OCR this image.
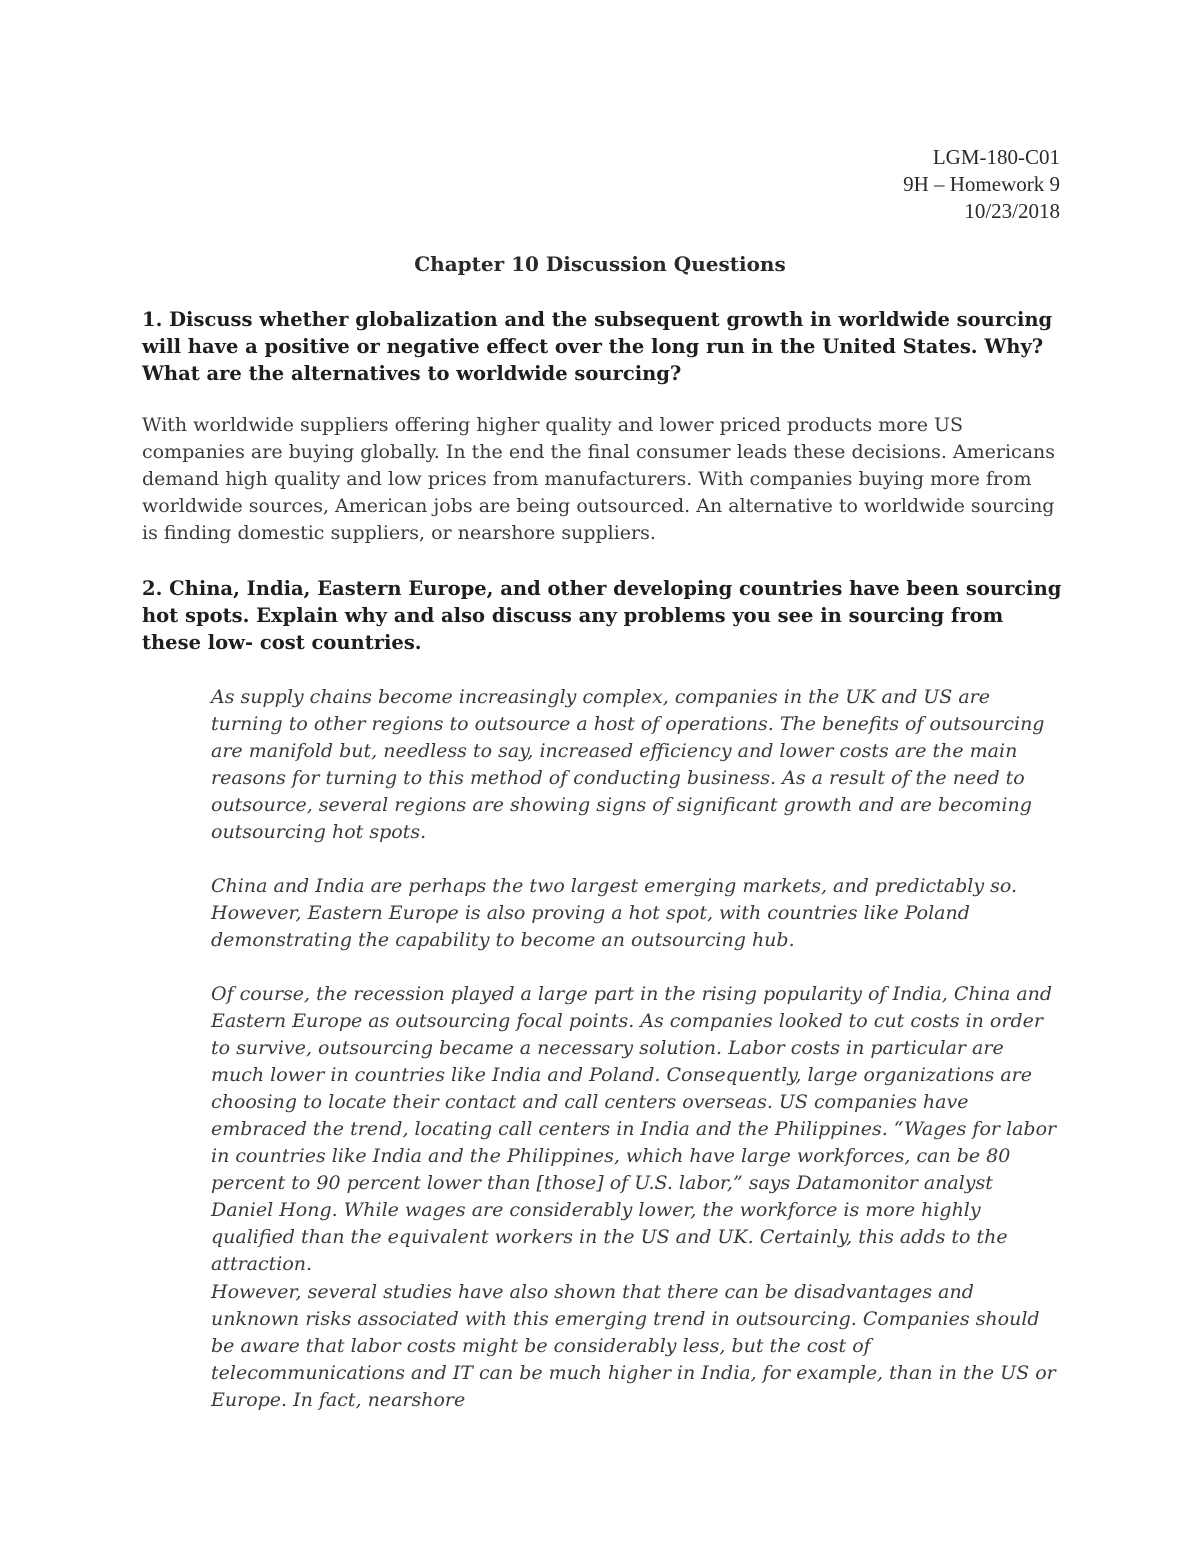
LGM-180-C01
9H – Homework 9
10/23/2018
Chapter 10 Discussion Questions

1. Discuss whether globalization and the subsequent growth in worldwide sourcing will have a positive or negative effect over the long run in the United States. Why? What are the alternatives to worldwide sourcing?

With worldwide suppliers offering higher quality and lower priced products more US companies are buying globally. In the end the final consumer leads these decisions. Americans demand high quality and low prices from manufacturers. With companies buying more from worldwide sources, American jobs are being outsourced. An alternative to worldwide sourcing is finding domestic suppliers, or nearshore suppliers.

2. China, India, Eastern Europe, and other developing countries have been sourcing hot spots. Explain why and also discuss any problems you see in sourcing from these low- cost countries.

As supply chains become increasingly complex, companies in the UK and US are turning to other regions to outsource a host of operations. The benefits of outsourcing are manifold but, needless to say, increased efficiency and lower costs are the main reasons for turning to this method of conducting business. As a result of the need to outsource, several regions are showing signs of significant growth and are becoming outsourcing hot spots.

China and India are perhaps the two largest emerging markets, and predictably so. However, Eastern Europe is also proving a hot spot, with countries like Poland demonstrating the capability to become an outsourcing hub.

Of course, the recession played a large part in the rising popularity of India, China and Eastern Europe as outsourcing focal points. As companies looked to cut costs in order to survive, outsourcing became a necessary solution. Labor costs in particular are much lower in countries like India and Poland. Consequently, large organizations are choosing to locate their contact and call centers overseas. US companies have embraced the trend, locating call centers in India and the Philippines. “Wages for labor in countries like India and the Philippines, which have large workforces, can be 80 percent to 90 percent lower than [those] of U.S. labor,” says Datamonitor analyst Daniel Hong. While wages are considerably lower, the workforce is more highly qualified than the equivalent workers in the US and UK. Certainly, this adds to the attraction.

However, several studies have also shown that there can be disadvantages and unknown risks associated with this emerging trend in outsourcing. Companies should be aware that labor costs might be considerably less, but the cost of telecommunications and IT can be much higher in India, for example, than in the US or Europe. In fact, nearshore
